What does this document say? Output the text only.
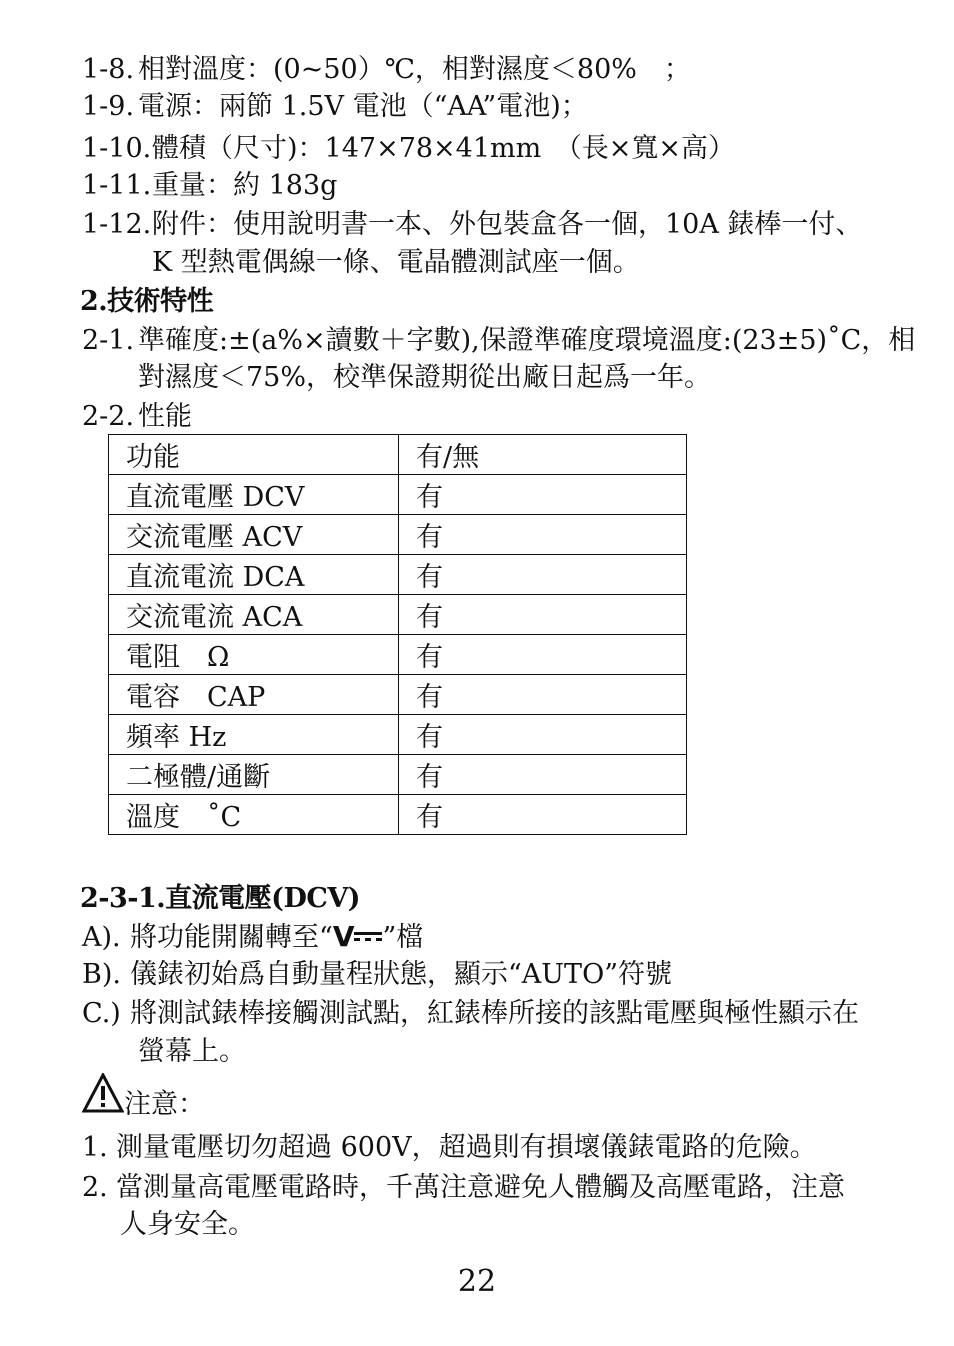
1-8. 相對溫度：(0~50）℃，相對濕度＜80%　；
1-9. 電源：兩節 1.5V 電池（“AA”電池)；
1-10.體積（尺寸)：147×78×41mm　（長×寬×高）
1-11.重量：約 183g
1-12.附件：使用說明書一本、外包裝盒各一個，10A 錶棒一付、
K 型熱電偶線一條、電晶體測試座一個。
2.技術特性
2-1. 準確度:±(a%×讀數＋字數),保證準確度環境溫度:(23±5)˚C，相
對濕度＜75%，校準保證期從出廠日起爲一年。
2-2. 性能
功能	有/無
直流電壓 DCV	有
交流電壓 ACV	有
直流電流 DCA	有
交流電流 ACA	有
電阻　Ω	有
電容　CAP	有
頻率 Hz	有
二極體/通斷	有
溫度　˚C	有
2-3-1.直流電壓(DCV)
A). 將功能開關轉至“V ”檔
B). 儀錶初始爲自動量程狀態，顯示“AUTO”符號
C.) 將測試錶棒接觸測試點，紅錶棒所接的該點電壓與極性顯示在
螢幕上。
注意：
1. 測量電壓切勿超過 600V，超過則有損壞儀錶電路的危險。
2. 當測量高電壓電路時，千萬注意避免人體觸及高壓電路，注意
人身安全。
22
